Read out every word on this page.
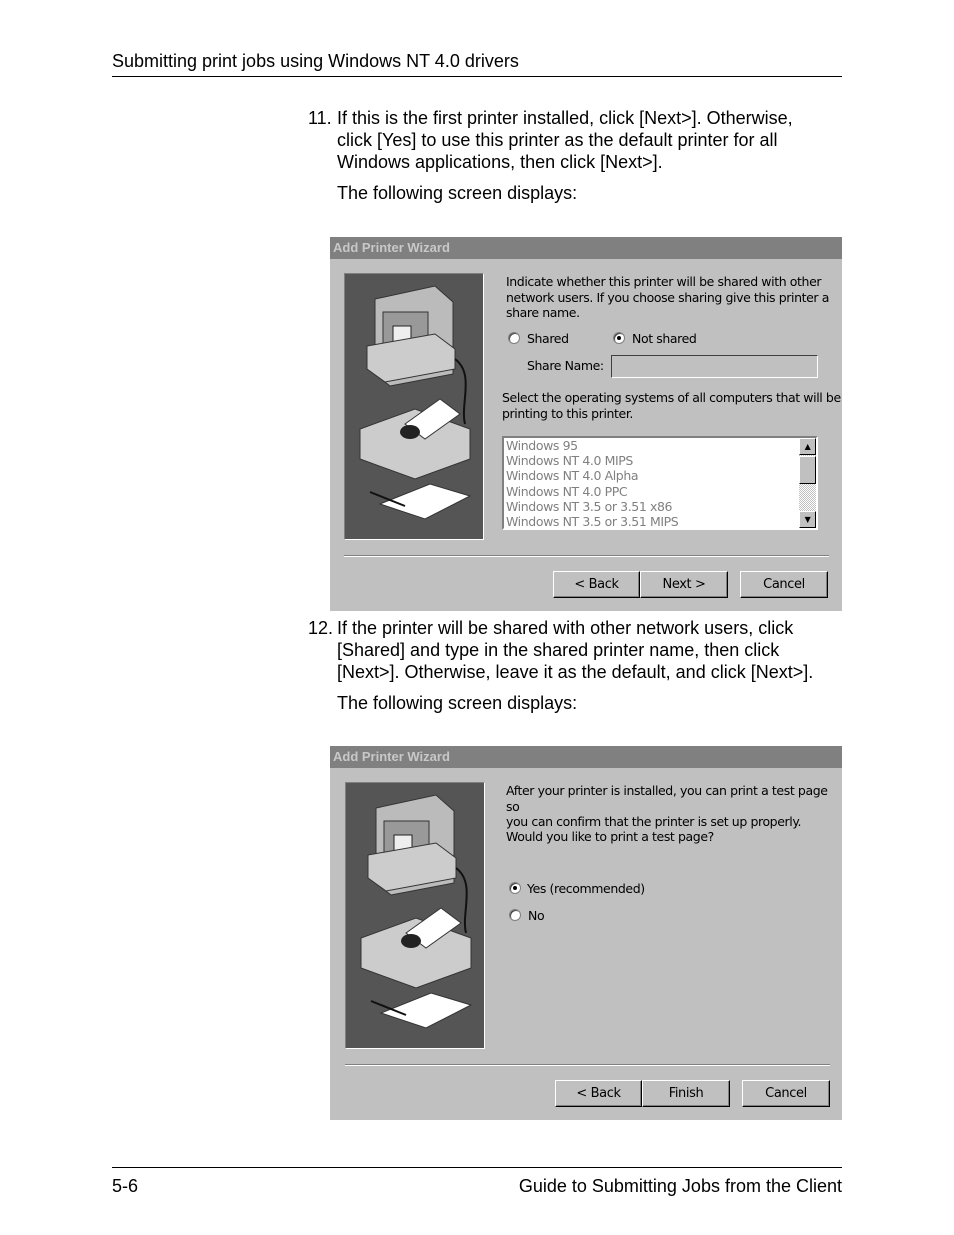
Submitting print jobs using Windows NT 4.0 drivers
11. If this is the first printer installed, click [Next>]. Otherwise,
click [Yes] to use this printer as the default printer for all
Windows applications, then click [Next>].
The following screen displays:
Add Printer Wizard
Indicate whether this printer will be shared with other
network users. If you choose sharing give this printer a
share name.
Shared	Not shared
Share Name:
Select the operating systems of all computers that will be
printing to this printer.
Windows 95
Windows NT 4.0 MIPS
Windows NT 4.0 Alpha
Windows NT 4.0 PPC
Windows NT 3.5 or 3.51 x86
Windows NT 3.5 or 3.51 MIPS
▲
▼
< Back	Next >	Cancel
12. If the printer will be shared with other network users, click
[Shared] and type in the shared printer name, then click
[Next>]. Otherwise, leave it as the default, and click [Next>].
The following screen displays:
Add Printer Wizard
After your printer is installed, you can print a test page so
you can confirm that the printer is set up properly.
Would you like to print a test page?
Yes (recommended)
No
< Back	Finish	Cancel
5-6	Guide to Submitting Jobs from the Client
